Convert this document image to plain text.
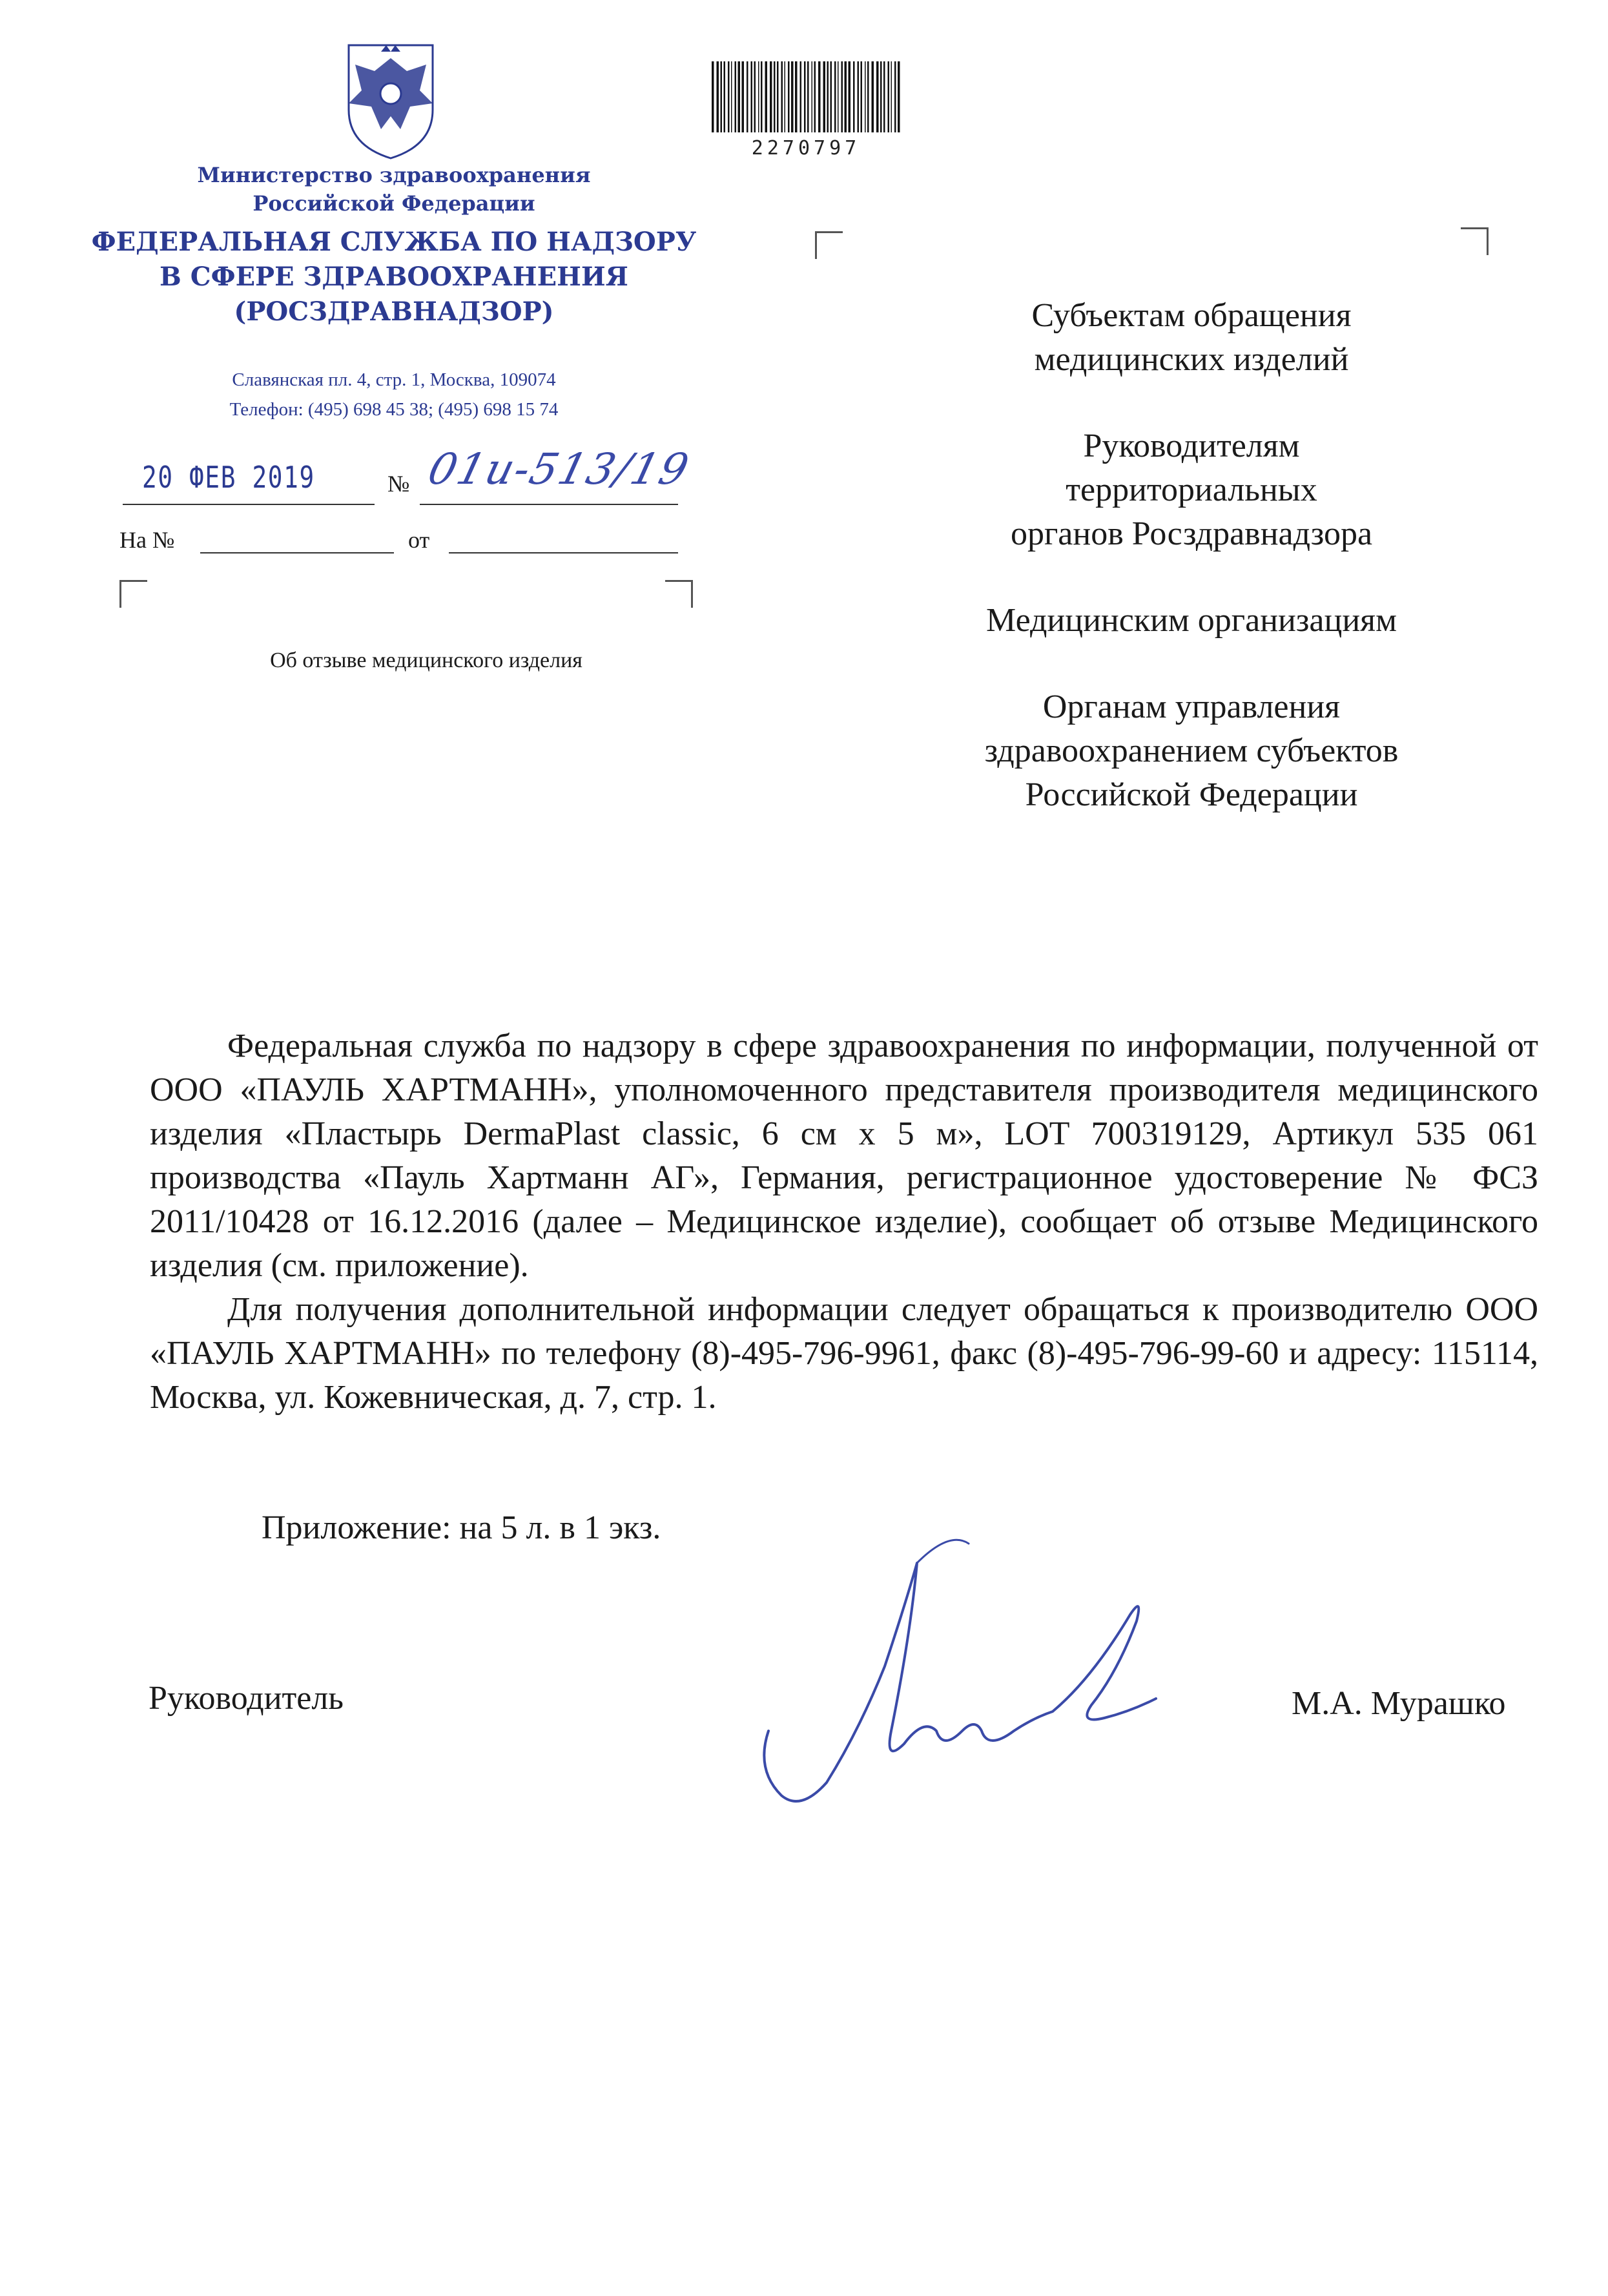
Министерство здравоохранения
Российской Федерации
ФЕДЕРАЛЬНАЯ СЛУЖБА ПО НАДЗОРУ
В СФЕРЕ ЗДРАВООХРАНЕНИЯ
(РОСЗДРАВНАДЗОР)
Славянская пл. 4, стр. 1, Москва, 109074
Телефон: (495) 698 45 38; (495) 698 15 74
20 ФЕВ 2019	№ 01и-513/19
На №	от
Об отзыве медицинского изделия
2270797
Субъектам обращения
медицинских изделий
Руководителям
территориальных
органов Росздравнадзора
Медицинским организациям
Органам управления
здравоохранением субъектов
Российской Федерации

Федеральная служба по надзору в сфере здравоохранения по информации, полученной от ООО «ПАУЛЬ ХАРТМАНН», уполномоченного представителя производителя медицинского изделия «Пластырь DermaPlast classic, 6 см x 5 м», LOT 700319129, Артикул 535 061 производства «Пауль Хартманн АГ», Германия, регистрационное удостоверение № ФСЗ 2011/10428 от 16.12.2016 (далее – Медицинское изделие), сообщает об отзыве Медицинского изделия (см. приложение).

Для получения дополнительной информации следует обращаться к производителю ООО «ПАУЛЬ ХАРТМАНН» по телефону (8)-495-796-9961, факс (8)-495-796-99-60 и адресу: 115114, Москва, ул. Кожевническая, д. 7, стр. 1.

Приложение: на 5 л. в 1 экз.
Руководитель	М.А. Мурашко
